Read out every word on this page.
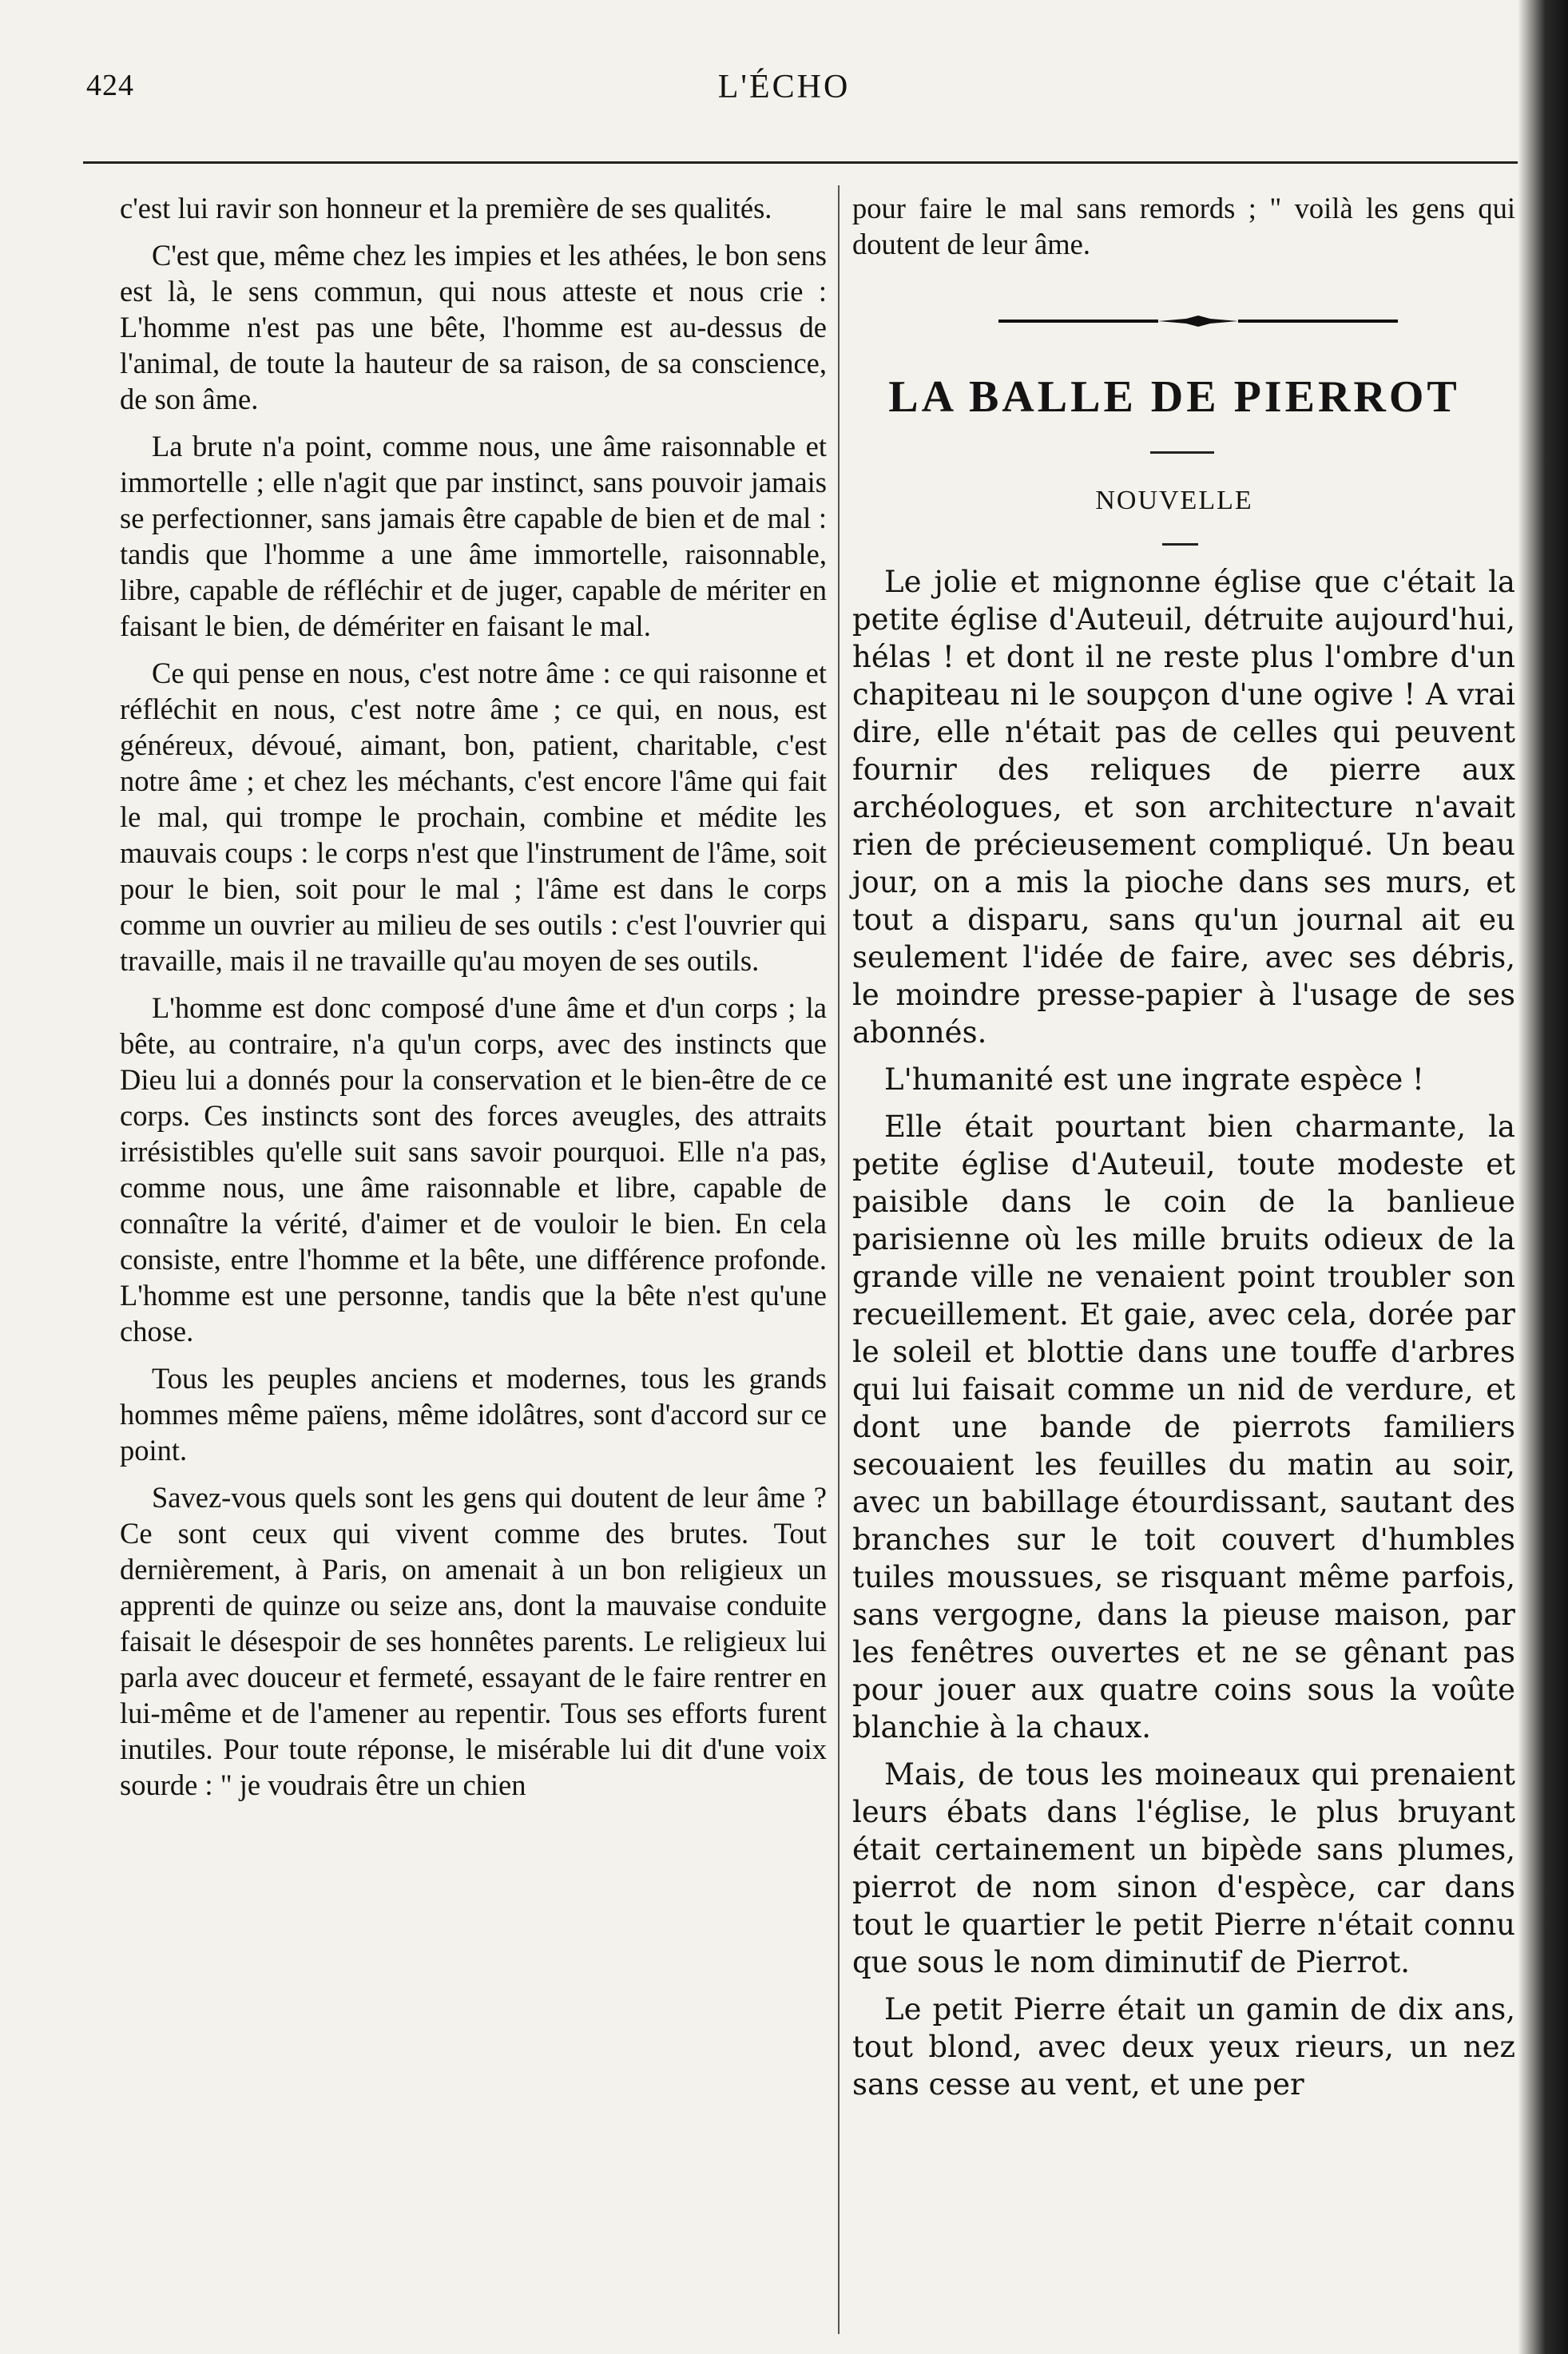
424	L'ÉCHO

c'est lui ravir son honneur et la première de ses qualités.

C'est que, même chez les impies et les athées, le bon sens est là, le sens commun, qui nous atteste et nous crie : L'homme n'est pas une bête, l'homme est au-dessus de l'animal, de toute la hauteur de sa raison, de sa conscience, de son âme.

La brute n'a point, comme nous, une âme raisonnable et immortelle ; elle n'agit que par instinct, sans pouvoir jamais se perfectionner, sans jamais être capable de bien et de mal : tandis que l'homme a une âme immortelle, raisonnable, libre, capable de réfléchir et de juger, capable de mériter en faisant le bien, de démériter en faisant le mal.

Ce qui pense en nous, c'est notre âme : ce qui raisonne et réfléchit en nous, c'est notre âme ; ce qui, en nous, est généreux, dévoué, aimant, bon, patient, charitable, c'est notre âme ; et chez les méchants, c'est encore l'âme qui fait le mal, qui trompe le prochain, combine et médite les mauvais coups : le corps n'est que l'instrument de l'âme, soit pour le bien, soit pour le mal ; l'âme est dans le corps comme un ouvrier au milieu de ses outils : c'est l'ouvrier qui travaille, mais il ne travaille qu'au moyen de ses outils.

L'homme est donc composé d'une âme et d'un corps ; la bête, au contraire, n'a qu'un corps, avec des instincts que Dieu lui a donnés pour la conservation et le bien-être de ce corps. Ces instincts sont des forces aveugles, des attraits irrésistibles qu'elle suit sans savoir pourquoi. Elle n'a pas, comme nous, une âme raisonnable et libre, capable de connaître la vérité, d'aimer et de vouloir le bien. En cela consiste, entre l'homme et la bête, une différence profonde. L'homme est une personne, tandis que la bête n'est qu'une chose.

Tous les peuples anciens et modernes, tous les grands hommes même païens, même idolâtres, sont d'accord sur ce point.

Savez-vous quels sont les gens qui doutent de leur âme ? Ce sont ceux qui vivent comme des brutes. Tout dernièrement, à Paris, on amenait à un bon religieux un apprenti de quinze ou seize ans, dont la mauvaise conduite faisait le désespoir de ses honnêtes parents. Le religieux lui parla avec douceur et fermeté, essayant de le faire rentrer en lui-même et de l'amener au repentir. Tous ses efforts furent inutiles. Pour toute réponse, le misérable lui dit d'une voix sourde : " je voudrais être un chien

pour faire le mal sans remords ; " voilà les gens qui doutent de leur âme.

LA BALLE DE PIERROT
NOUVELLE

Le jolie et mignonne église que c'était la petite église d'Auteuil, détruite aujourd'hui, hélas ! et dont il ne reste plus l'ombre d'un chapiteau ni le soupçon d'une ogive ! A vrai dire, elle n'était pas de celles qui peuvent fournir des reliques de pierre aux archéologues, et son architecture n'avait rien de précieusement compliqué. Un beau jour, on a mis la pioche dans ses murs, et tout a disparu, sans qu'un journal ait eu seulement l'idée de faire, avec ses débris, le moindre presse-papier à l'usage de ses abonnés.

L'humanité est une ingrate espèce !

Elle était pourtant bien charmante, la petite église d'Auteuil, toute modeste et paisible dans le coin de la banlieue parisienne où les mille bruits odieux de la grande ville ne venaient point troubler son recueillement. Et gaie, avec cela, dorée par le soleil et blottie dans une touffe d'arbres qui lui faisait comme un nid de verdure, et dont une bande de pierrots familiers secouaient les feuilles du matin au soir, avec un babillage étourdissant, sautant des branches sur le toit couvert d'humbles tuiles moussues, se risquant même parfois, sans vergogne, dans la pieuse maison, par les fenêtres ouvertes et ne se gênant pas pour jouer aux quatre coins sous la voûte blanchie à la chaux.

Mais, de tous les moineaux qui prenaient leurs ébats dans l'église, le plus bruyant était certainement un bipède sans plumes, pierrot de nom sinon d'espèce, car dans tout le quartier le petit Pierre n'était connu que sous le nom diminutif de Pierrot.

Le petit Pierre était un gamin de dix ans, tout blond, avec deux yeux rieurs, un nez sans cesse au vent, et une per
